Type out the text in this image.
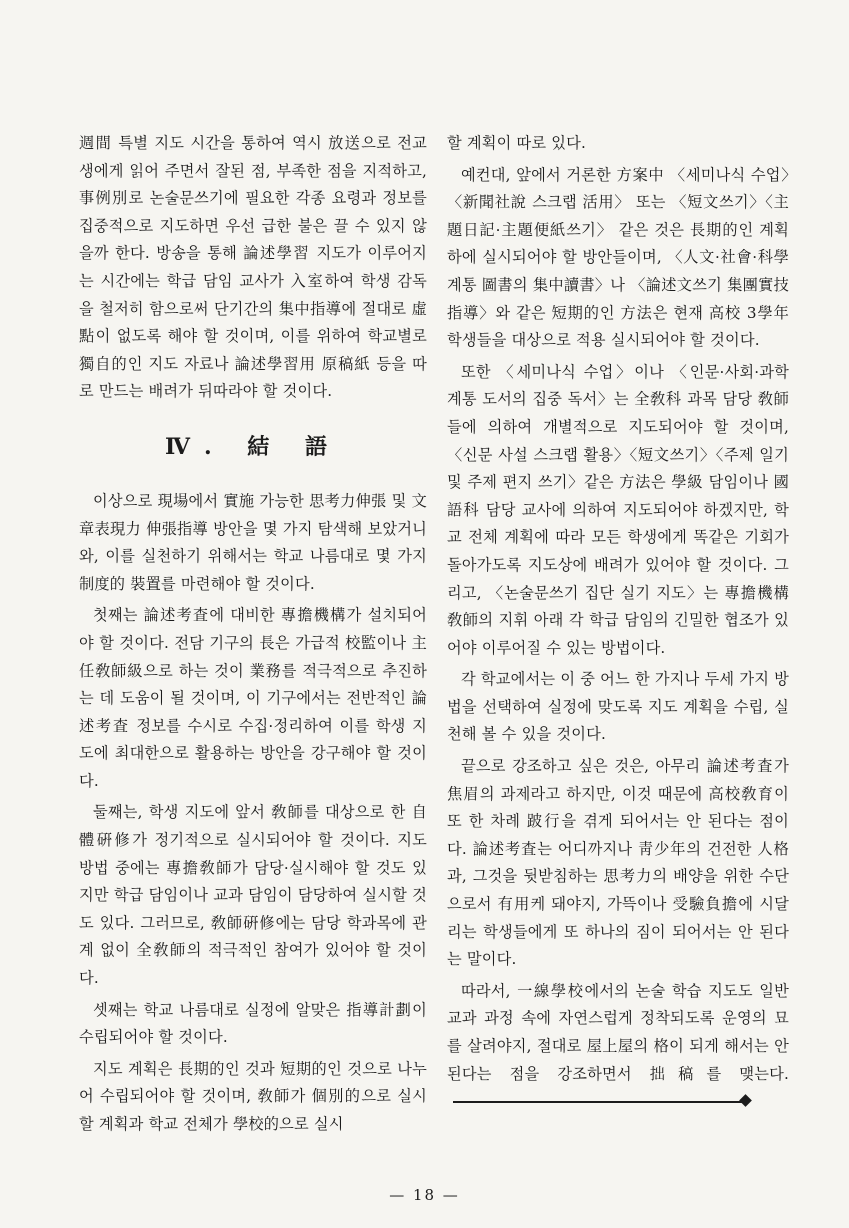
週間 특별 지도 시간을 통하여 역시 放送으로 전교생에게 읽어 주면서 잘된 점, 부족한 점을 지적하고, 事例別로 논술문쓰기에 필요한 각종 요령과 정보를 집중적으로 지도하면 우선 급한 불은 끌 수 있지 않을까 한다. 방송을 통해 論述學習 지도가 이루어지는 시간에는 학급 담임 교사가 入室하여 학생 감독을 철저히 함으로써 단기간의 集中指導에 절대로 虛點이 없도록 해야 할 것이며, 이를 위하여 학교별로 獨自的인 지도 자료나 論述學習用 原稿紙 등을 따로 만드는 배려가 뒤따라야 할 것이다.

Ⅳ. 結 語

이상으로 現場에서 實施 가능한 思考力伸張 및 文章表現力 伸張指導 방안을 몇 가지 탐색해 보았거니와, 이를 실천하기 위해서는 학교 나름대로 몇 가지 制度的 裝置를 마련해야 할 것이다.

첫째는 論述考査에 대비한 專擔機構가 설치되어야 할 것이다. 전담 기구의 長은 가급적 校監이나 主任敎師級으로 하는 것이 業務를 적극적으로 추진하는 데 도움이 될 것이며, 이 기구에서는 전반적인 論述考査 정보를 수시로 수집·정리하여 이를 학생 지도에 최대한으로 활용하는 방안을 강구해야 할 것이다.

둘째는, 학생 지도에 앞서 敎師를 대상으로 한 自體硏修가 정기적으로 실시되어야 할 것이다. 지도 방법 중에는 專擔敎師가 담당·실시해야 할 것도 있지만 학급 담임이나 교과 담임이 담당하여 실시할 것도 있다. 그러므로, 敎師硏修에는 담당 학과목에 관계 없이 全敎師의 적극적인 참여가 있어야 할 것이다.

셋째는 학교 나름대로 실정에 알맞은 指導計劃이 수립되어야 할 것이다.

지도 계획은 長期的인 것과 短期的인 것으로 나누어 수립되어야 할 것이며, 敎師가 個別的으로 실시할 계획과 학교 전체가 學校的으로 실시

할 계획이 따로 있다.

예컨대, 앞에서 거론한 方案中 〈세미나식 수업〉〈新聞社說 스크랩 活用〉 또는 〈短文쓰기〉〈主題日記·主題便紙쓰기〉 같은 것은 長期的인 계획하에 실시되어야 할 방안들이며, 〈人文·社會·科學 계통 圖書의 集中讀書〉나 〈論述文쓰기 集團實技指導〉와 같은 短期的인 方法은 현재 高校 3學年 학생들을 대상으로 적용 실시되어야 할 것이다.

또한 〈세미나식 수업〉이나 〈인문·사회·과학 계통 도서의 집중 독서〉는 全敎科 과목 담당 敎師들에 의하여 개별적으로 지도되어야 할 것이며, 〈신문 사설 스크랩 활용〉〈短文쓰기〉〈주제 일기 및 주제 편지 쓰기〉같은 方法은 學級 담임이나 國語科 담당 교사에 의하여 지도되어야 하겠지만, 학교 전체 계획에 따라 모든 학생에게 똑같은 기회가 돌아가도록 지도상에 배려가 있어야 할 것이다. 그리고, 〈논술문쓰기 집단 실기 지도〉는 專擔機構 敎師의 지휘 아래 각 학급 담임의 긴밀한 협조가 있어야 이루어질 수 있는 방법이다.

각 학교에서는 이 중 어느 한 가지나 두세 가지 방법을 선택하여 실정에 맞도록 지도 계획을 수립, 실천해 볼 수 있을 것이다.

끝으로 강조하고 싶은 것은, 아무리 論述考査가 焦眉의 과제라고 하지만, 이것 때문에 高校敎育이 또 한 차례 跛行을 겪게 되어서는 안 된다는 점이다. 論述考査는 어디까지나 靑少年의 건전한 人格과, 그것을 뒷받침하는 思考力의 배양을 위한 수단으로서 有用케 돼야지, 가뜩이나 受驗負擔에 시달리는 학생들에게 또 하나의 짐이 되어서는 안 된다는 말이다.

따라서, 一線學校에서의 논술 학습 지도도 일반 교과 과정 속에 자연스럽게 정착되도록 운영의 묘를 살려야지, 절대로 屋上屋의 格이 되게 해서는 안 된다는 점을 강조하면서 拙稿를 맺는다.

— 18 —
